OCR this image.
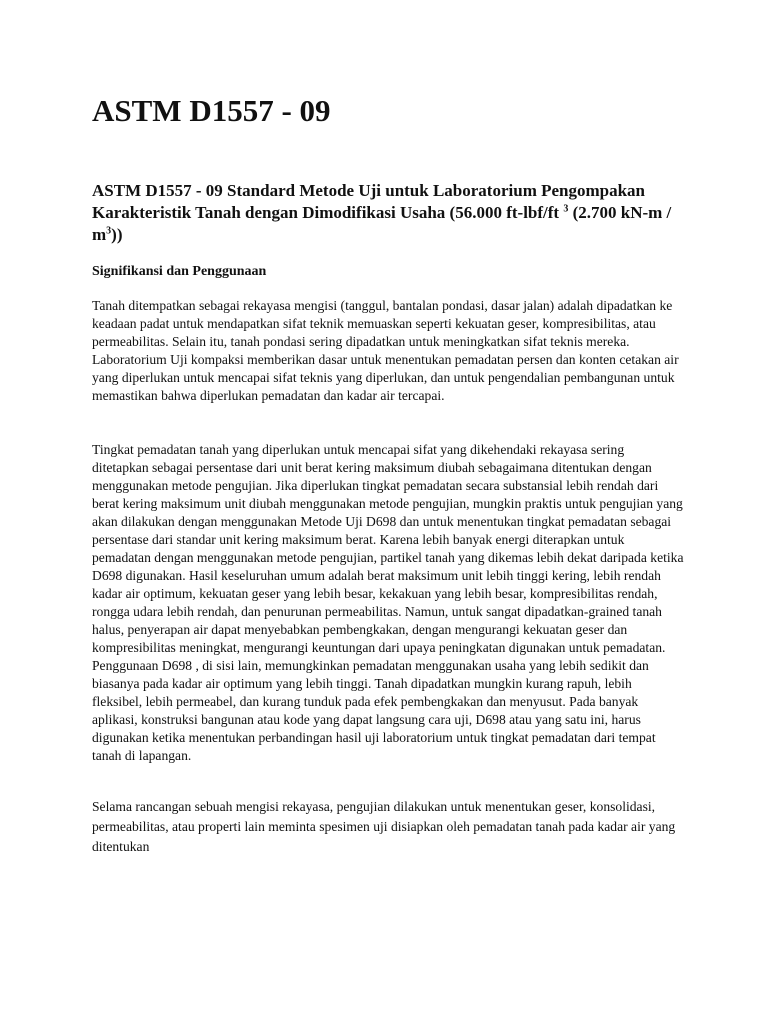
ASTM D1557 - 09
ASTM D1557 - 09 Standard Metode Uji untuk Laboratorium Pengompakan Karakteristik Tanah dengan Dimodifikasi Usaha (56.000 ft-lbf/ft $^3$ (2.700 $kN-m / m^3$))
Signifikansi dan Penggunaan

Tanah ditempatkan sebagai rekayasa mengisi (tanggul, bantalan pondasi, dasar jalan) adalah dipadatkan ke keadaan padat untuk mendapatkan sifat teknik memuaskan seperti kekuatan geser, kompresibilitas, atau permeabilitas. Selain itu, tanah pondasi sering dipadatkan untuk meningkatkan sifat teknis mereka. Laboratorium Uji kompaksi memberikan dasar untuk menentukan pemadatan persen dan konten cetakan air yang diperlukan untuk mencapai sifat teknis yang diperlukan, dan untuk pengendalian pembangunan untuk memastikan bahwa diperlukan pemadatan dan kadar air tercapai.

Tingkat pemadatan tanah yang diperlukan untuk mencapai sifat yang dikehendaki rekayasa sering ditetapkan sebagai persentase dari unit berat kering maksimum diubah sebagaimana ditentukan dengan menggunakan metode pengujian. Jika diperlukan tingkat pemadatan secara substansial lebih rendah dari berat kering maksimum unit diubah menggunakan metode pengujian, mungkin praktis untuk pengujian yang akan dilakukan dengan menggunakan Metode Uji D698 dan untuk menentukan tingkat pemadatan sebagai persentase dari standar unit kering maksimum berat. Karena lebih banyak energi diterapkan untuk pemadatan dengan menggunakan metode pengujian, partikel tanah yang dikemas lebih dekat daripada ketika D698 digunakan. Hasil keseluruhan umum adalah berat maksimum unit lebih tinggi kering, lebih rendah kadar air optimum, kekuatan geser yang lebih besar, kekakuan yang lebih besar, kompresibilitas rendah, rongga udara lebih rendah, dan penurunan permeabilitas. Namun, untuk sangat dipadatkan-grained tanah halus, penyerapan air dapat menyebabkan pembengkakan, dengan mengurangi kekuatan geser dan kompresibilitas meningkat, mengurangi keuntungan dari upaya peningkatan digunakan untuk pemadatan. Penggunaan D698 , di sisi lain, memungkinkan pemadatan menggunakan usaha yang lebih sedikit dan biasanya pada kadar air optimum yang lebih tinggi. Tanah dipadatkan mungkin kurang rapuh, lebih fleksibel, lebih permeabel, dan kurang tunduk pada efek pembengkakan dan menyusut. Pada banyak aplikasi, konstruksi bangunan atau kode yang dapat langsung cara uji, D698 atau yang satu ini, harus digunakan ketika menentukan perbandingan hasil uji laboratorium untuk tingkat pemadatan dari tempat tanah di lapangan.

Selama rancangan sebuah mengisi rekayasa, pengujian dilakukan untuk menentukan geser, konsolidasi, permeabilitas, atau properti lain meminta spesimen uji disiapkan oleh pemadatan tanah pada kadar air yang ditentukan
